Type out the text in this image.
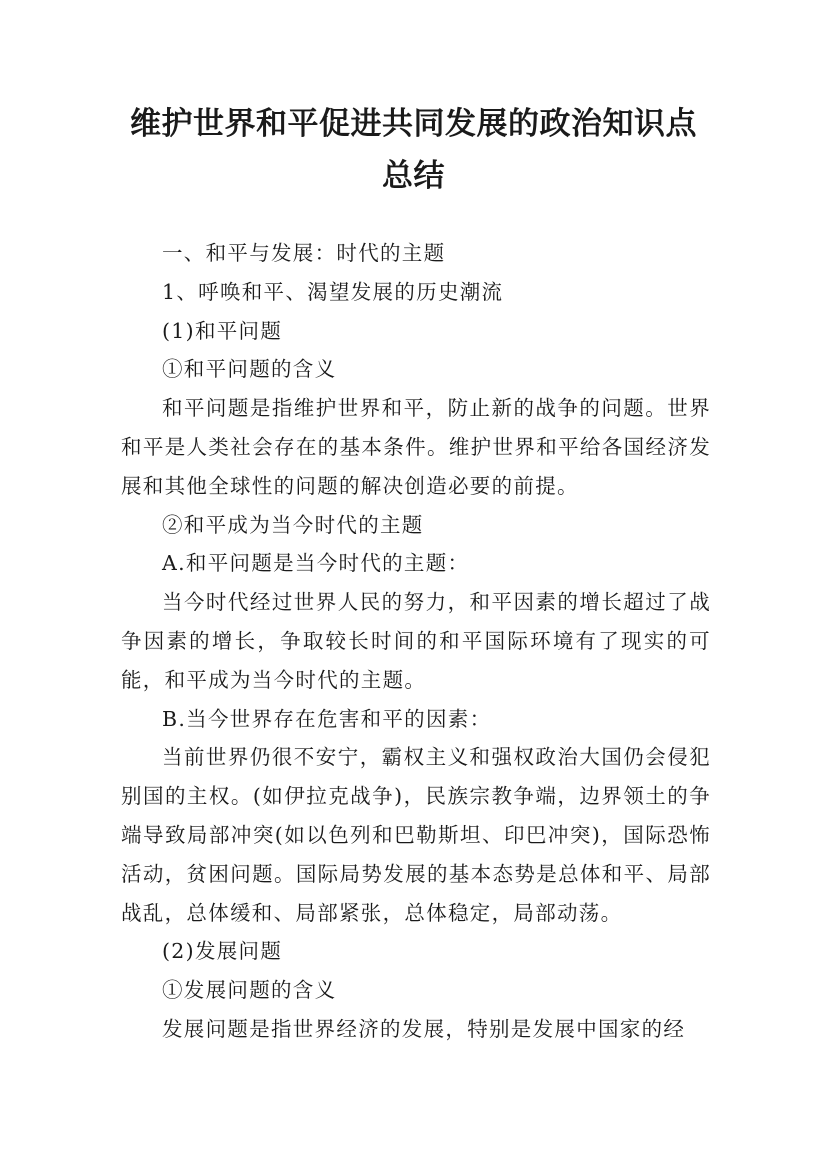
维护世界和平促进共同发展的政治知识点
总结

一、和平与发展：时代的主题

1、呼唤和平、渴望发展的历史潮流

(1)和平问题

①和平问题的含义

和平问题是指维护世界和平，防止新的战争的问题。世界和平是人类社会存在的基本条件。维护世界和平给各国经济发展和其他全球性的问题的解决创造必要的前提。

②和平成为当今时代的主题

A.和平问题是当今时代的主题：

当今时代经过世界人民的努力，和平因素的增长超过了战争因素的增长，争取较长时间的和平国际环境有了现实的可能，和平成为当今时代的主题。

B.当今世界存在危害和平的因素：

当前世界仍很不安宁，霸权主义和强权政治大国仍会侵犯别国的主权。(如伊拉克战争)，民族宗教争端，边界领土的争端导致局部冲突(如以色列和巴勒斯坦、印巴冲突)，国际恐怖活动，贫困问题。国际局势发展的基本态势是总体和平、局部战乱，总体缓和、局部紧张，总体稳定，局部动荡。

(2)发展问题

①发展问题的含义

发展问题是指世界经济的发展，特别是发展中国家的经
